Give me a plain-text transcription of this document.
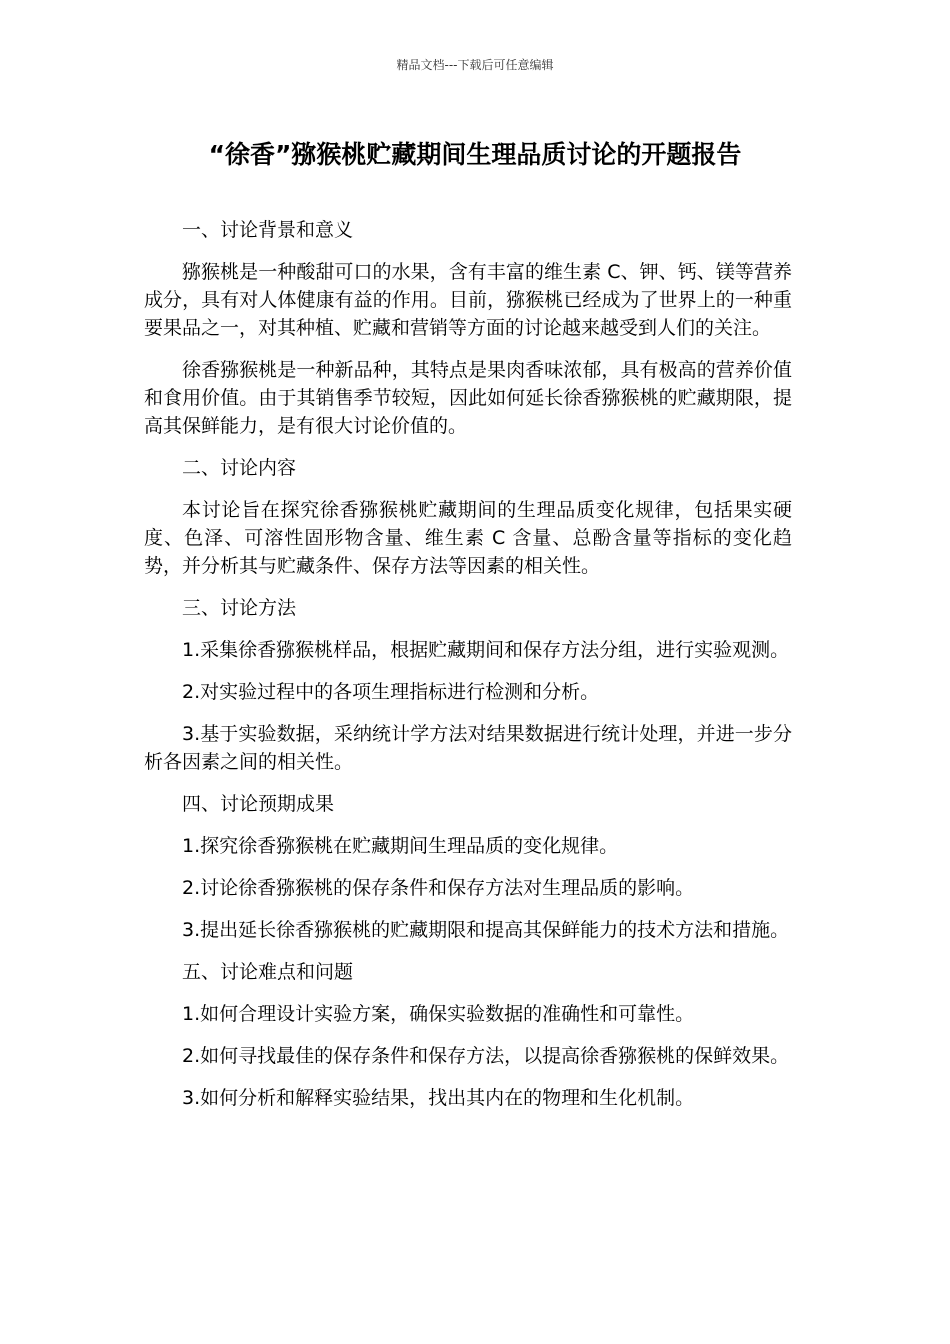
精品文档---下载后可任意编辑
“徐香”猕猴桃贮藏期间生理品质讨论的开题报告

一、讨论背景和意义

猕猴桃是一种酸甜可口的水果，含有丰富的维生素 C、钾、钙、镁等营养成分，具有对人体健康有益的作用。目前，猕猴桃已经成为了世界上的一种重要果品之一，对其种植、贮藏和营销等方面的讨论越来越受到人们的关注。

徐香猕猴桃是一种新品种，其特点是果肉香味浓郁，具有极高的营养价值和食用价值。由于其销售季节较短，因此如何延长徐香猕猴桃的贮藏期限，提高其保鲜能力，是有很大讨论价值的。

二、讨论内容

本讨论旨在探究徐香猕猴桃贮藏期间的生理品质变化规律，包括果实硬度、色泽、可溶性固形物含量、维生素 C 含量、总酚含量等指标的变化趋势，并分析其与贮藏条件、保存方法等因素的相关性。

三、讨论方法

1.采集徐香猕猴桃样品，根据贮藏期间和保存方法分组，进行实验观测。

2.对实验过程中的各项生理指标进行检测和分析。

3.基于实验数据，采纳统计学方法对结果数据进行统计处理，并进一步分析各因素之间的相关性。

四、讨论预期成果

1.探究徐香猕猴桃在贮藏期间生理品质的变化规律。

2.讨论徐香猕猴桃的保存条件和保存方法对生理品质的影响。

3.提出延长徐香猕猴桃的贮藏期限和提高其保鲜能力的技术方法和措施。

五、讨论难点和问题

1.如何合理设计实验方案，确保实验数据的准确性和可靠性。

2.如何寻找最佳的保存条件和保存方法，以提高徐香猕猴桃的保鲜效果。

3.如何分析和解释实验结果，找出其内在的物理和生化机制。
